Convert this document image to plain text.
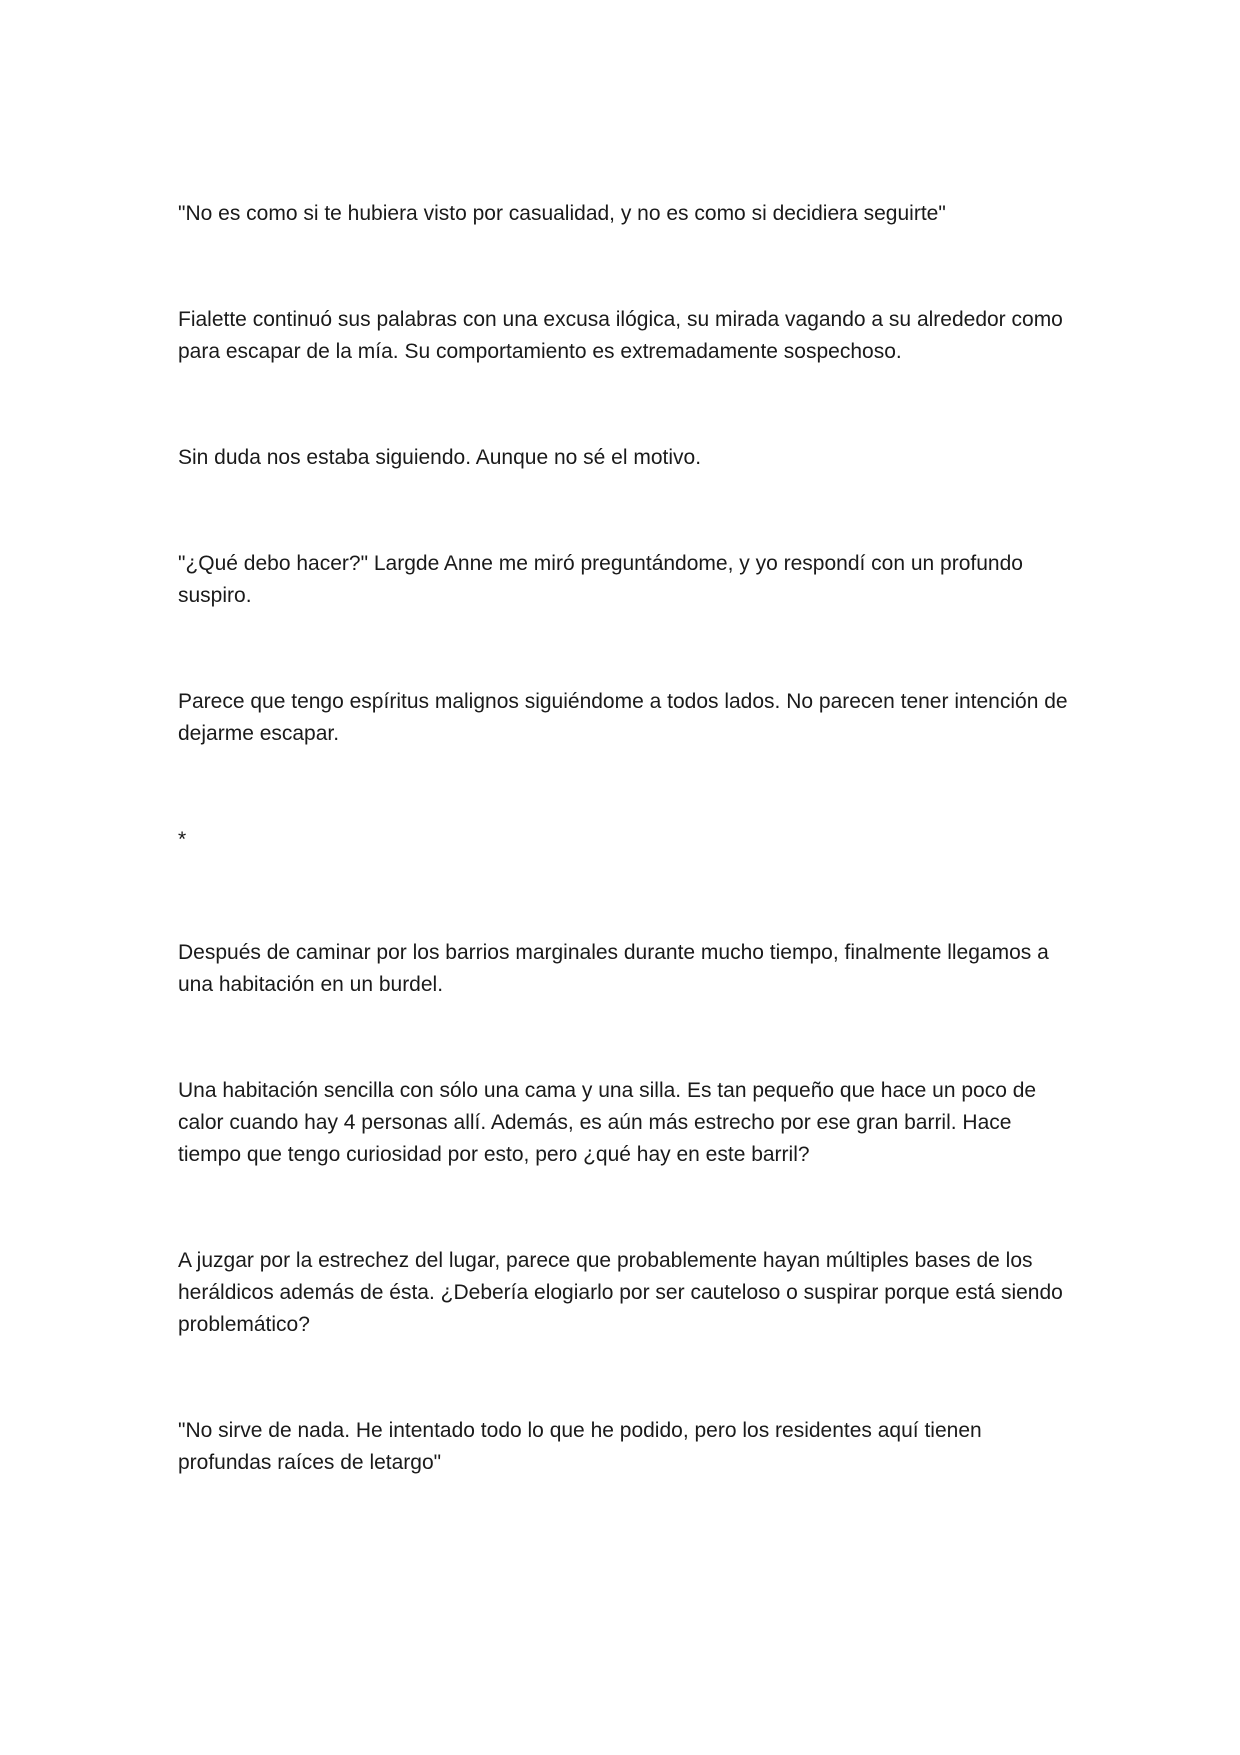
"No es como si te hubiera visto por casualidad, y no es como si decidiera seguirte"

Fialette continuó sus palabras con una excusa ilógica, su mirada vagando a su alrededor como para escapar de la mía. Su comportamiento es extremadamente sospechoso.

Sin duda nos estaba siguiendo. Aunque no sé el motivo.

"¿Qué debo hacer?" Largde Anne me miró preguntándome, y yo respondí con un profundo suspiro.

Parece que tengo espíritus malignos siguiéndome a todos lados. No parecen tener intención de dejarme escapar.

*

Después de caminar por los barrios marginales durante mucho tiempo, finalmente llegamos a una habitación en un burdel.

Una habitación sencilla con sólo una cama y una silla. Es tan pequeño que hace un poco de calor cuando hay 4 personas allí. Además, es aún más estrecho por ese gran barril. Hace tiempo que tengo curiosidad por esto, pero ¿qué hay en este barril?

A juzgar por la estrechez del lugar, parece que probablemente hayan múltiples bases de los heráldicos además de ésta. ¿Debería elogiarlo por ser cauteloso o suspirar porque está siendo problemático?

"No sirve de nada. He intentado todo lo que he podido, pero los residentes aquí tienen profundas raíces de letargo"
